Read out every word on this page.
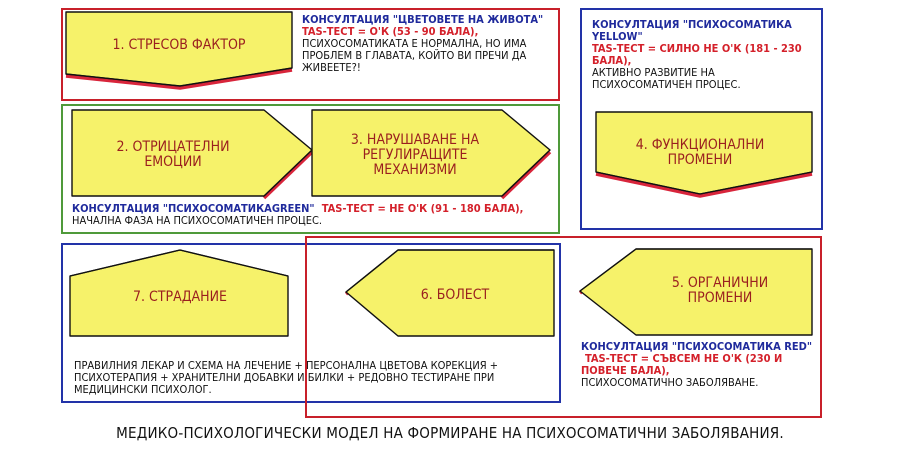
1. СТРЕСОВ ФАКТОР
2. ОТРИЦАТЕЛНИ ЕМОЦИИ
3. НАРУШАВАНЕ НА РЕГУЛИРАЩИТЕ МЕХАНИЗМИ
4. ФУНКЦИОНАЛНИ ПРОМЕНИ
5. ОРГАНИЧНИ ПРОМЕНИ
6. БОЛЕСТ
7. СТРАДАНИЕ
КОНСУЛТАЦИЯ "ЦВЕТОВЕТЕ НА ЖИВОТА"
TAS-ТЕСТ = О'К (53 - 90 БАЛА),
ПСИХОСОМАТИКАТА Е НОРМАЛНА, НО ИМА ПРОБЛЕМ В ГЛАВАТА, КОЙТО ВИ ПРЕЧИ ДА ЖИВЕЕТЕ?!
КОНСУЛТАЦИЯ "ПСИХОСОМАТИКА YELLOW"
TAS-ТЕСТ = СИЛНО НЕ О'К (181 - 230 БАЛА),
АКТИВНО РАЗВИТИЕ НА ПСИХОСОМАТИЧЕН ПРОЦЕС.
КОНСУЛТАЦИЯ "ПСИХОСОМАТИКAGREEN" TAS-ТЕСТ = НЕ О'К (91 - 180 БАЛА),
НАЧАЛНА ФАЗА НА ПСИХОСОМАТИЧЕН ПРОЦЕС.
КОНСУЛТАЦИЯ "ПСИХОСОМАТИКА RED" TAS-ТЕСТ = СЪВСЕМ НЕ О'К (230 И ПОВЕЧЕ БАЛА),
ПСИХОСОМАТИЧНО ЗАБОЛЯВАНЕ.
ПРАВИЛНИЯ ЛЕКАР И СХЕМА НА ЛЕЧЕНИЕ + ПЕРСОНАЛНА ЦВЕТОВА КОРЕКЦИЯ + ПСИХОТЕРАПИЯ + ХРАНИТЕЛНИ ДОБАВКИ И БИЛКИ + РЕДОВНО ТЕСТИРАНЕ ПРИ МЕДИЦИНСКИ ПСИХОЛОГ.
МЕДИКО-ПСИХОЛОГИЧЕСКИ МОДЕЛ НА ФОРМИРАНЕ НА ПСИХОСОМАТИЧНИ ЗАБОЛЯВАНИЯ.
